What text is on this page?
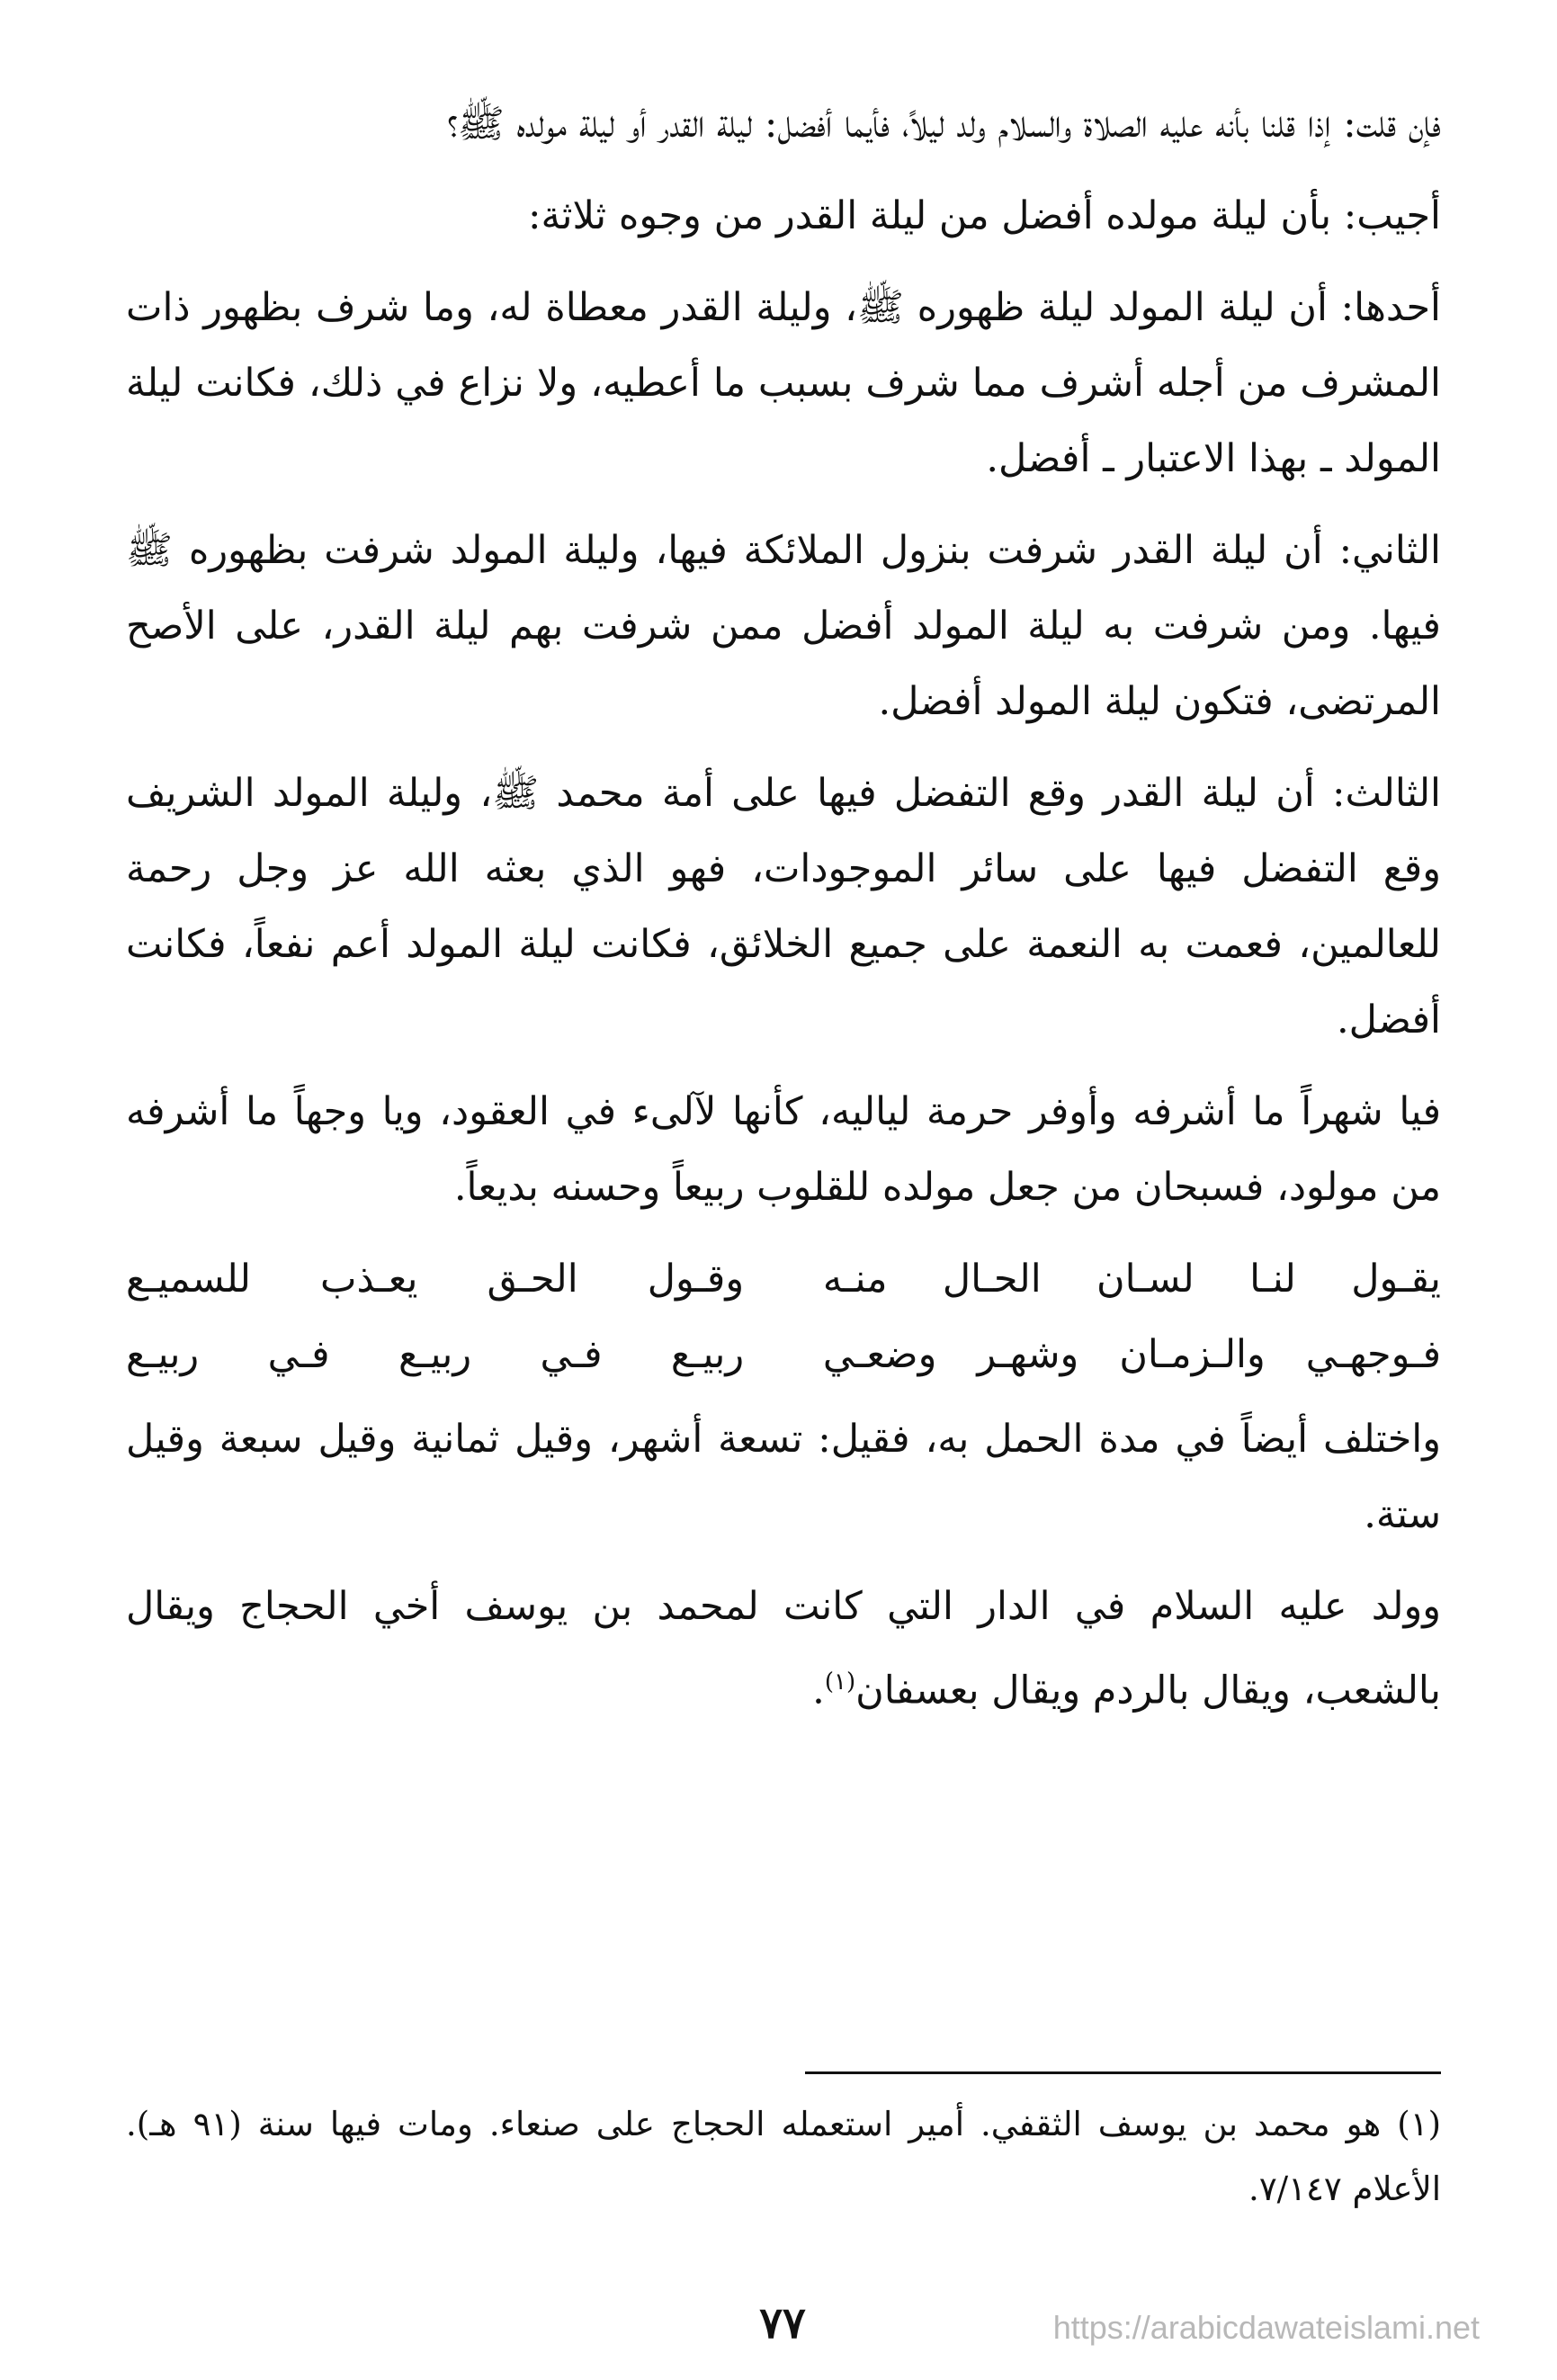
فإن قلت: إذا قلنا بأنه عليه الصلاة والسلام ولد ليلاً، فأيما أفضل: ليلة القدر أو ليلة مولده ﷺ؟

أجيب: بأن ليلة مولده أفضل من ليلة القدر من وجوه ثلاثة:

أحدها: أن ليلة المولد ليلة ظهوره ﷺ، وليلة القدر معطاة له، وما شرف بظهور ذات المشرف من أجله أشرف مما شرف بسبب ما أعطيه، ولا نزاع في ذلك، فكانت ليلة المولد ـ بهذا الاعتبار ـ أفضل.

الثاني: أن ليلة القدر شرفت بنزول الملائكة فيها، وليلة المولد شرفت بظهوره ﷺ فيها. ومن شرفت به ليلة المولد أفضل ممن شرفت بهم ليلة القدر، على الأصح المرتضى، فتكون ليلة المولد أفضل.

الثالث: أن ليلة القدر وقع التفضل فيها على أمة محمد ﷺ، وليلة المولد الشريف وقع التفضل فيها على سائر الموجودات، فهو الذي بعثه الله عز وجل رحمة للعالمين، فعمت به النعمة على جميع الخلائق، فكانت ليلة المولد أعم نفعاً، فكانت أفضل.

فيا شهراً ما أشرفه وأوفر حرمة لياليه، كأنها لآلىء في العقود، ويا وجهاً ما أشرفه من مولود، فسبحان من جعل مولده للقلوب ربيعاً وحسنه بديعاً.

يقـول لنـا لسـان الحـال منـه
وقـول الحـق يعـذب للسميـع
فـوجهـي والـزمـان وشهـر وضعـي
ربيـع فـي ربيـع فـي ربيـع

واختلف أيضاً في مدة الحمل به، فقيل: تسعة أشهر، وقيل ثمانية وقيل سبعة وقيل ستة.

وولد عليه السلام في الدار التي كانت لمحمد بن يوسف أخي الحجاج ويقال بالشعب، ويقال بالردم ويقال بعسفان$^{(١)}$.

(١) هو محمد بن يوسف الثقفي. أمير استعمله الحجاج على صنعاء. ومات فيها سنة (٩١ هـ). الأعلام ٧/١٤٧.

٧٧	https://arabicdawateislami.net
